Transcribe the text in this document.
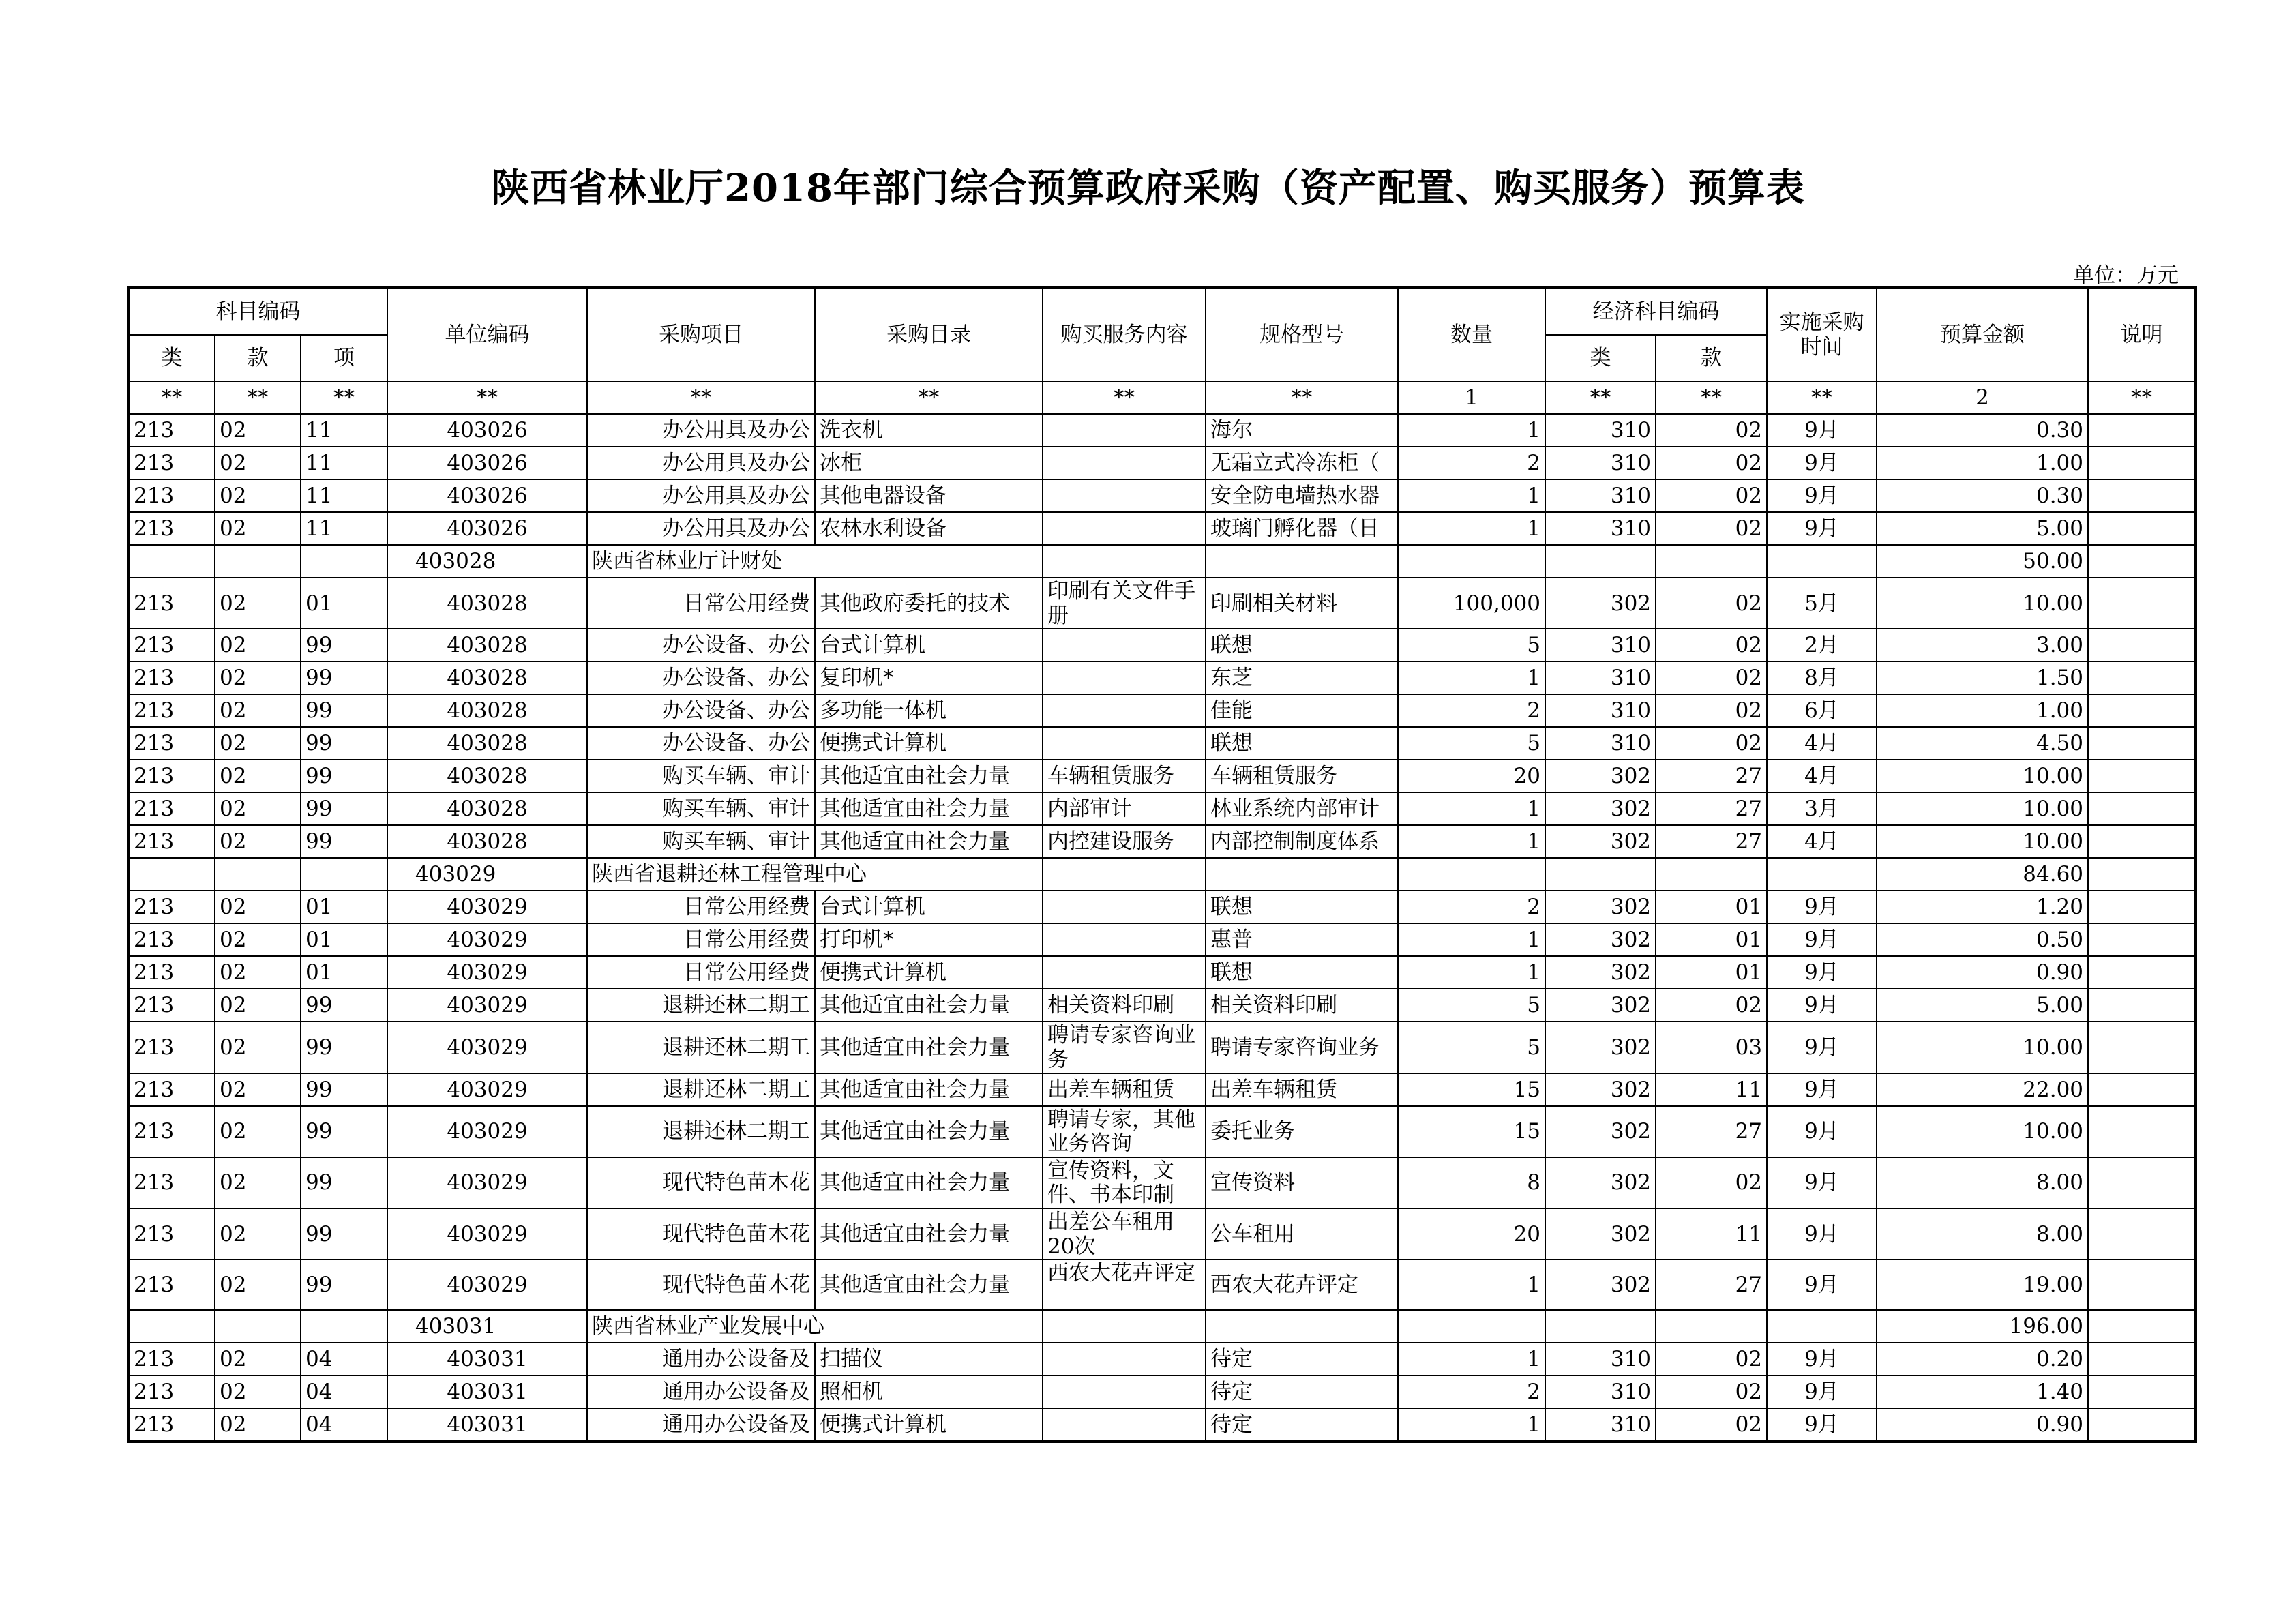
陕西省林业厅2018年部门综合预算政府采购（资产配置、购买服务）预算表
单位：万元
科目编码			单位编码	采购项目	采购目录	购买服务内容	规格型号	数量	经济科目编码		实施采购时间	预算金额	说明
类	款	项							类	款			
**	**	**	**	**	**	**	**	1	**	**	**	2	**
213	02	11	403026	办公用具及办公	洗衣机		海尔	1	310	02	9月	0.30	
213	02	11	403026	办公用具及办公	冰柜		无霜立式冷冻柜（	2	310	02	9月	1.00	
213	02	11	403026	办公用具及办公	其他电器设备		安全防电墙热水器	1	310	02	9月	0.30	
213	02	11	403026	办公用具及办公	农林水利设备		玻璃门孵化器（日	1	310	02	9月	5.00	
			403028	陕西省林业厅计财处								50.00	
213	02	01	403028	日常公用经费	其他政府委托的技术	印刷有关文件手册	印刷相关材料	100,000	302	02	5月	10.00	
213	02	99	403028	办公设备、办公	台式计算机		联想	5	310	02	2月	3.00	
213	02	99	403028	办公设备、办公	复印机*		东芝	1	310	02	8月	1.50	
213	02	99	403028	办公设备、办公	多功能一体机		佳能	2	310	02	6月	1.00	
213	02	99	403028	办公设备、办公	便携式计算机		联想	5	310	02	4月	4.50	
213	02	99	403028	购买车辆、审计	其他适宜由社会力量	车辆租赁服务	车辆租赁服务	20	302	27	4月	10.00	
213	02	99	403028	购买车辆、审计	其他适宜由社会力量	内部审计	林业系统内部审计	1	302	27	3月	10.00	
213	02	99	403028	购买车辆、审计	其他适宜由社会力量	内控建设服务	内部控制制度体系	1	302	27	4月	10.00	
			403029	陕西省退耕还林工程管理中心								84.60	
213	02	01	403029	日常公用经费	台式计算机		联想	2	302	01	9月	1.20	
213	02	01	403029	日常公用经费	打印机*		惠普	1	302	01	9月	0.50	
213	02	01	403029	日常公用经费	便携式计算机		联想	1	302	01	9月	0.90	
213	02	99	403029	退耕还林二期工	其他适宜由社会力量	相关资料印刷	相关资料印刷	5	302	02	9月	5.00	
213	02	99	403029	退耕还林二期工	其他适宜由社会力量	聘请专家咨询业务	聘请专家咨询业务	5	302	03	9月	10.00	
213	02	99	403029	退耕还林二期工	其他适宜由社会力量	出差车辆租赁	出差车辆租赁	15	302	11	9月	22.00	
213	02	99	403029	退耕还林二期工	其他适宜由社会力量	聘请专家，其他业务咨询	委托业务	15	302	27	9月	10.00	
213	02	99	403029	现代特色苗木花	其他适宜由社会力量	宣传资料，文件、书本印制	宣传资料	8	302	02	9月	8.00	
213	02	99	403029	现代特色苗木花	其他适宜由社会力量	出差公车租用20次	公车租用	20	302	11	9月	8.00	
213	02	99	403029	现代特色苗木花	其他适宜由社会力量	西农大花卉评定	西农大花卉评定	1	302	27	9月	19.00	
			403031	陕西省林业产业发展中心								196.00	
213	02	04	403031	通用办公设备及	扫描仪		待定	1	310	02	9月	0.20	
213	02	04	403031	通用办公设备及	照相机		待定	2	310	02	9月	1.40	
213	02	04	403031	通用办公设备及	便携式计算机		待定	1	310	02	9月	0.90	
